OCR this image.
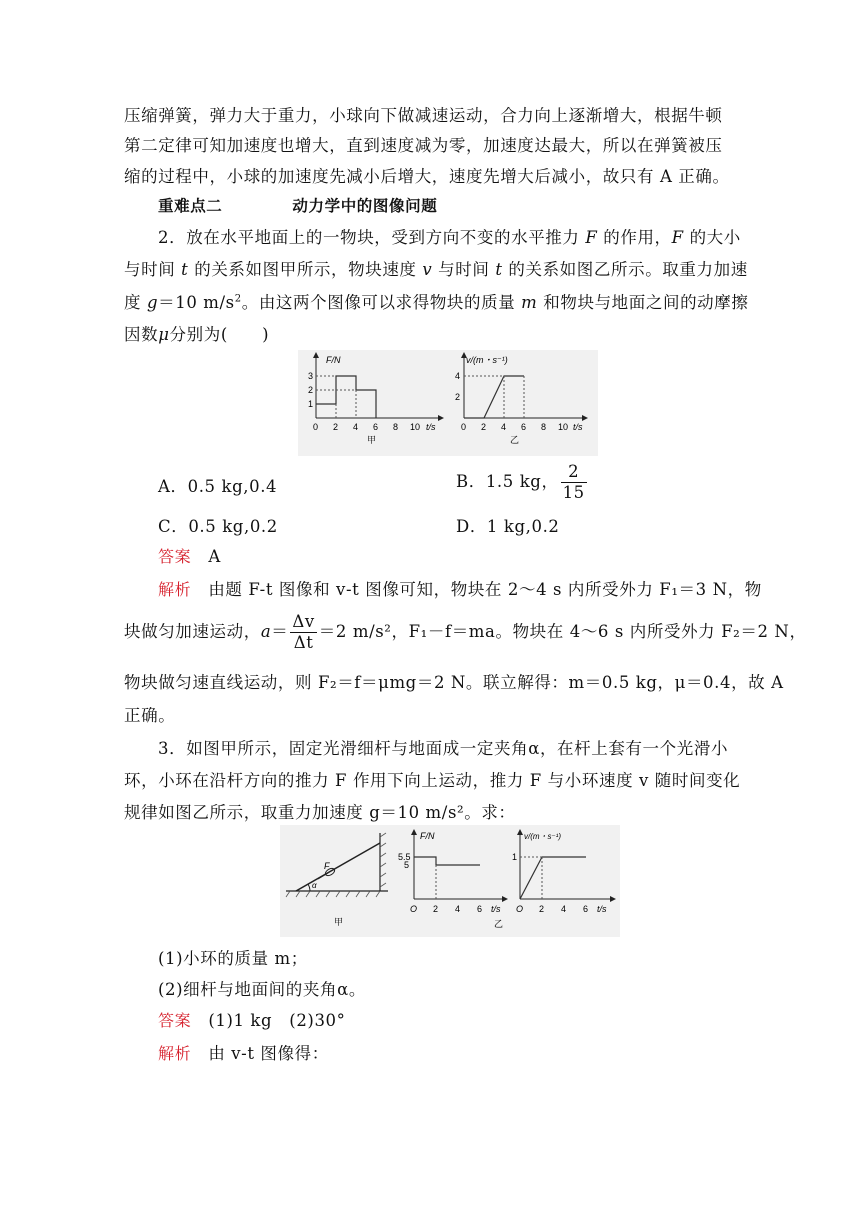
压缩弹簧，弹力大于重力，小球向下做减速运动，合力向上逐渐增大，根据牛顿
第二定律可知加速度也增大，直到速度减为零，加速度达最大，所以在弹簧被压
缩的过程中，小球的加速度先减小后增大，速度先增大后减小，故只有 A 正确。
重难点二	动力学中的图像问题
2．放在水平地面上的一物块，受到方向不变的水平推力 F 的作用，F 的大小
与时间 t 的关系如图甲所示，物块速度 v 与时间 t 的关系如图乙所示。取重力加速
度 g＝10 $m/s^2$。由这两个图像可以求得物块的质量 m 和物块与地面之间的动摩擦
因数μ分别为(　　)
F/N
1
2
3
0 2 4 6 8 10 t/s
甲
v/(m・s⁻¹)
2
4
0 2 4 6 8 10 t/s
乙
A．0.5 kg,0.4	B．1.5 kg， $\frac{2}{15}$
C．0.5 kg,0.2	D．1 kg,0.2
答案　 A
解析　 由题 F-t 图像和 v-t 图像可知，物块在 2～4 s 内所受外力 F₁＝3 N，物
块做匀加速运动，$a= \frac{\Delta v}{\Delta t} =2$ m/s²，F₁－f＝ma。物块在 4～6 s 内所受外力 F₂＝2 N，
物块做匀速直线运动，则 F₂＝f＝μmg＝2 N。联立解得：m＝0.5 kg，μ＝0.4，故 A
正确。
3．如图甲所示，固定光滑细杆与地面成一定夹角α，在杆上套有一个光滑小
环，小环在沿杆方向的推力 F 作用下向上运动，推力 F 与小环速度 v 随时间变化
规律如图乙所示，取重力加速度 g＝10 m/s²。求：
F
α
甲
F/N
5.5
5
O 2 4 6 t/s
v/(m・s⁻¹)
1
O 2 4 6 t/s
乙
(1)小环的质量 m；
(2)细杆与地面间的夹角α。
答案　 (1)1 kg　(2)30°
解析　 由 v-t 图像得：
